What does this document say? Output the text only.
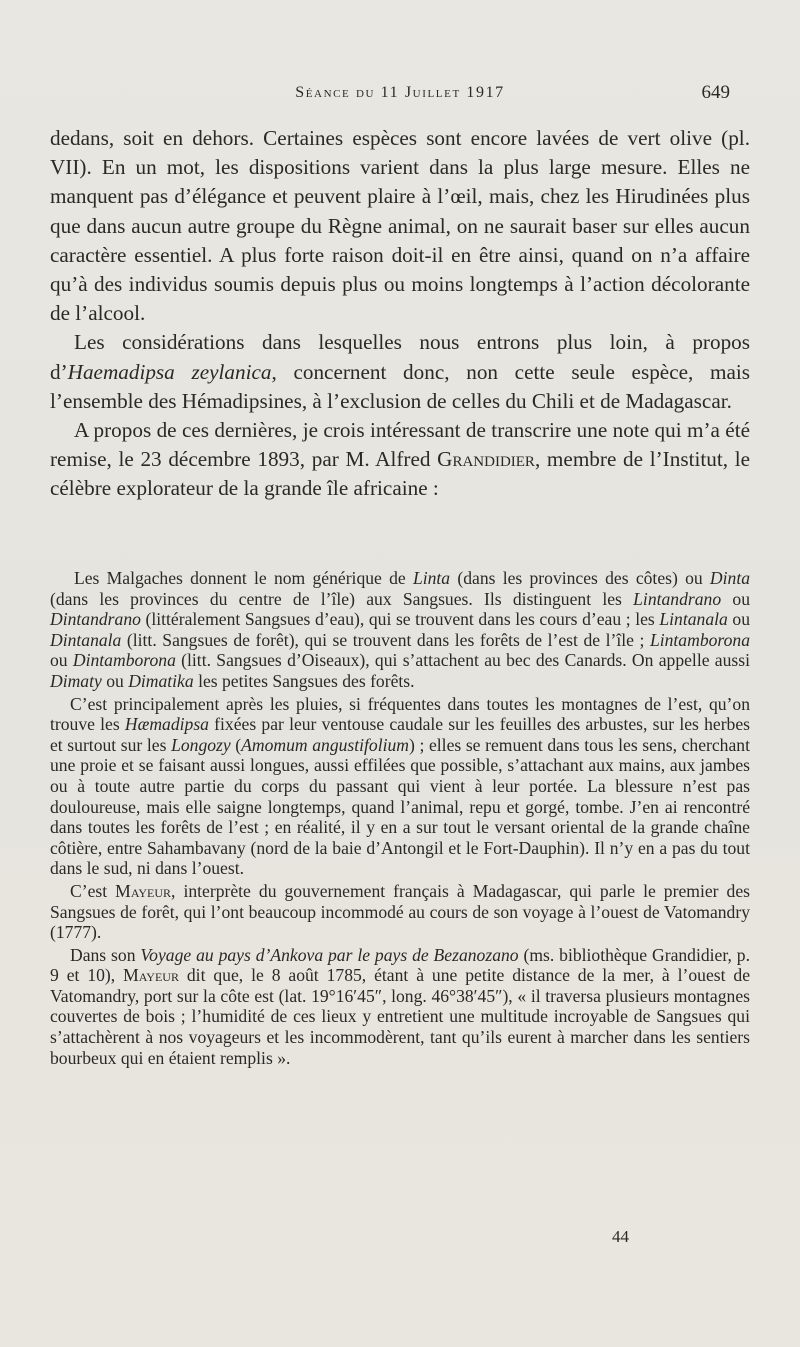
Séance du 11 Juillet 1917	649

dedans, soit en dehors. Certaines espèces sont encore lavées de vert olive (pl. VII). En un mot, les dispositions varient dans la plus large mesure. Elles ne manquent pas d’élégance et peuvent plaire à l’œil, mais, chez les Hirudinées plus que dans aucun autre groupe du Règne animal, on ne saurait baser sur elles aucun caractère essentiel. A plus forte raison doit-il en être ainsi, quand on n’a affaire qu’à des individus soumis depuis plus ou moins longtemps à l’action décolorante de l’alcool.

Les considérations dans lesquelles nous entrons plus loin, à propos d’Haemadipsa zeylanica, concernent donc, non cette seule espèce, mais l’ensemble des Hémadipsines, à l’exclusion de celles du Chili et de Madagascar.

A propos de ces dernières, je crois intéressant de transcrire une note qui m’a été remise, le 23 décembre 1893, par M. Alfred Grandidier, membre de l’Institut, le célèbre explorateur de la grande île africaine :

Les Malgaches donnent le nom générique de Linta (dans les provinces des côtes) ou Dinta (dans les provinces du centre de l’île) aux Sangsues. Ils distinguent les Lintandrano ou Dintandrano (littéralement Sangsues d’eau), qui se trouvent dans les cours d’eau ; les Lintanala ou Dintanala (litt. Sangsues de forêt), qui se trouvent dans les forêts de l’est de l’île ; Lintamborona ou Dintamborona (litt. Sangsues d’Oiseaux), qui s’attachent au bec des Canards. On appelle aussi Dimaty ou Dimatika les petites Sangsues des forêts.

C’est principalement après les pluies, si fréquentes dans toutes les montagnes de l’est, qu’on trouve les Hæmadipsa fixées par leur ventouse caudale sur les feuilles des arbustes, sur les herbes et surtout sur les Longozy (Amomum angustifolium) ; elles se remuent dans tous les sens, cherchant une proie et se faisant aussi longues, aussi effilées que possible, s’attachant aux mains, aux jambes ou à toute autre partie du corps du passant qui vient à leur portée. La blessure n’est pas douloureuse, mais elle saigne longtemps, quand l’animal, repu et gorgé, tombe. J’en ai rencontré dans toutes les forêts de l’est ; en réalité, il y en a sur tout le versant oriental de la grande chaîne côtière, entre Sahambavany (nord de la baie d’Antongil et le Fort-Dauphin). Il n’y en a pas du tout dans le sud, ni dans l’ouest.

C’est Mayeur, interprète du gouvernement français à Madagascar, qui parle le premier des Sangsues de forêt, qui l’ont beaucoup incommodé au cours de son voyage à l’ouest de Vatomandry (1777).

Dans son Voyage au pays d’Ankova par le pays de Bezanozano (ms. bibliothèque Grandidier, p. 9 et 10), Mayeur dit que, le 8 août 1785, étant à une petite distance de la mer, à l’ouest de Vatomandry, port sur la côte est (lat. 19°16′45″, long. 46°38′45″), « il traversa plusieurs montagnes couvertes de bois ; l’humidité de ces lieux y entretient une multitude incroyable de Sangsues qui s’attachèrent à nos voyageurs et les incommodèrent, tant qu’ils eurent à marcher dans les sentiers bourbeux qui en étaient remplis ».

44
